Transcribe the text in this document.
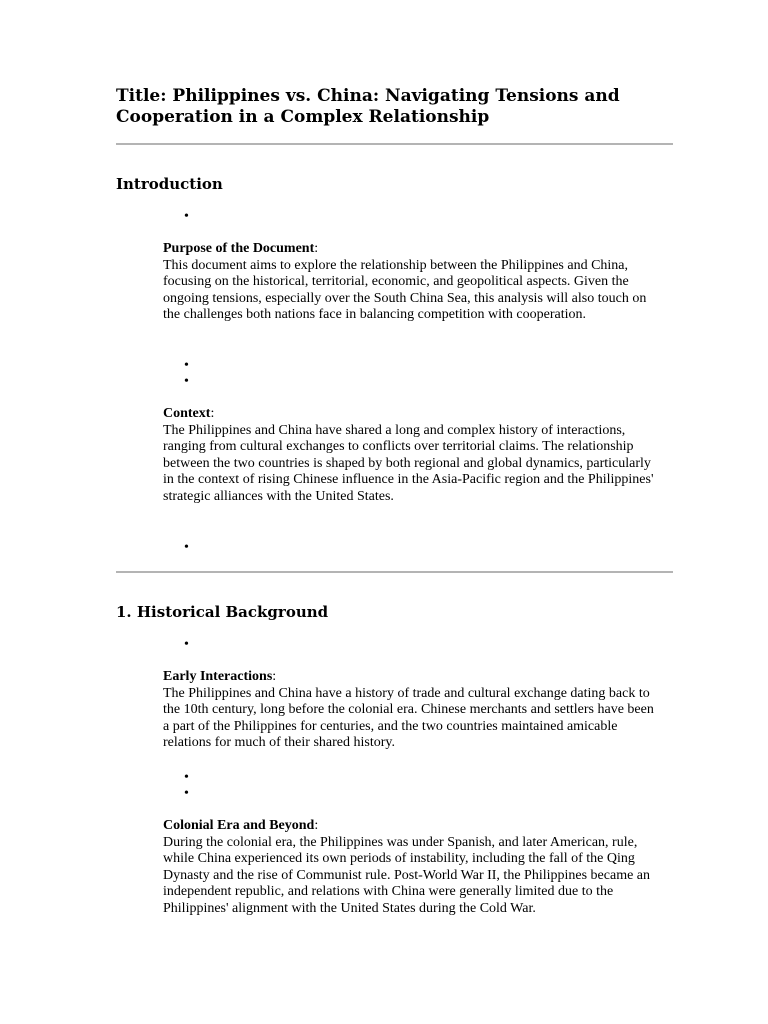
Title: Philippines vs. China: Navigating Tensions and Cooperation in a Complex Relationship
Introduction
•
Purpose of the Document:
This document aims to explore the relationship between the Philippines and China, focusing on the historical, territorial, economic, and geopolitical aspects. Given the ongoing tensions, especially over the South China Sea, this analysis will also touch on the challenges both nations face in balancing competition with cooperation.
•
•
Context:
The Philippines and China have shared a long and complex history of interactions, ranging from cultural exchanges to conflicts over territorial claims. The relationship between the two countries is shaped by both regional and global dynamics, particularly in the context of rising Chinese influence in the Asia-Pacific region and the Philippines' strategic alliances with the United States.
•
1. Historical Background
•
Early Interactions:
The Philippines and China have a history of trade and cultural exchange dating back to the 10th century, long before the colonial era. Chinese merchants and settlers have been a part of the Philippines for centuries, and the two countries maintained amicable relations for much of their shared history.
•
•
Colonial Era and Beyond:
During the colonial era, the Philippines was under Spanish, and later American, rule, while China experienced its own periods of instability, including the fall of the Qing Dynasty and the rise of Communist rule. Post-World War II, the Philippines became an independent republic, and relations with China were generally limited due to the Philippines' alignment with the United States during the Cold War.
